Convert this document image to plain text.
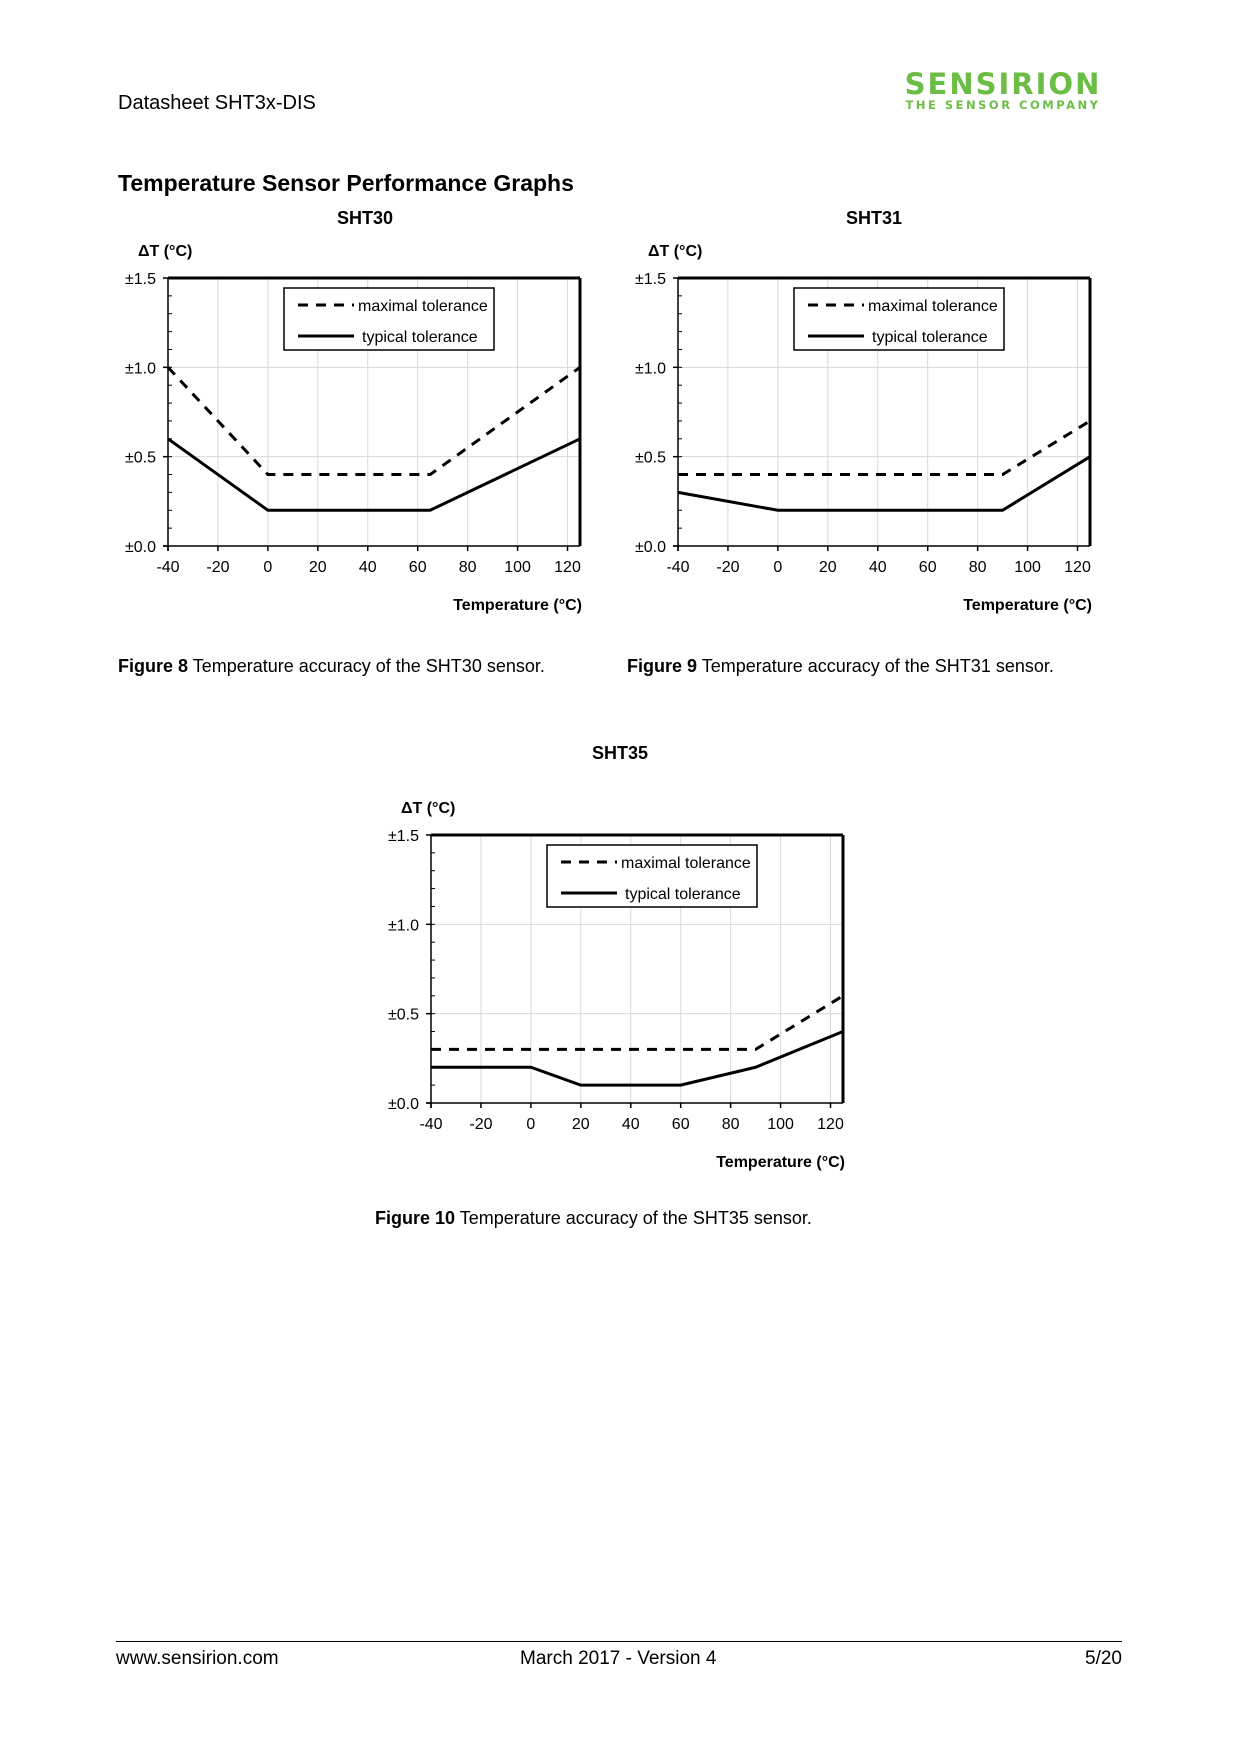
Datasheet SHT3x-DIS
SENSIRION
THE SENSOR COMPANY
Temperature Sensor Performance Graphs
SHT30
±0.0
±0.5
±1.0
±1.5
-40 -20 0 20 40 60 80 100 120
ΔT (°C)
Temperature (°C)
maximal tolerance
typical tolerance
Figure 8 Temperature accuracy of the SHT30 sensor.
SHT31
±0.0
±0.5
±1.0
±1.5
-40 -20 0 20 40 60 80 100 120
ΔT (°C)
Temperature (°C)
maximal tolerance
typical tolerance
Figure 9 Temperature accuracy of the SHT31 sensor.
SHT35
±0.0
±0.5
±1.0
±1.5
-40 -20 0 20 40 60 80 100 120
ΔT (°C)
Temperature (°C)
maximal tolerance
typical tolerance
Figure 10 Temperature accuracy of the SHT35 sensor.
www.sensirion.com	March 2017 - Version 4	5/20
